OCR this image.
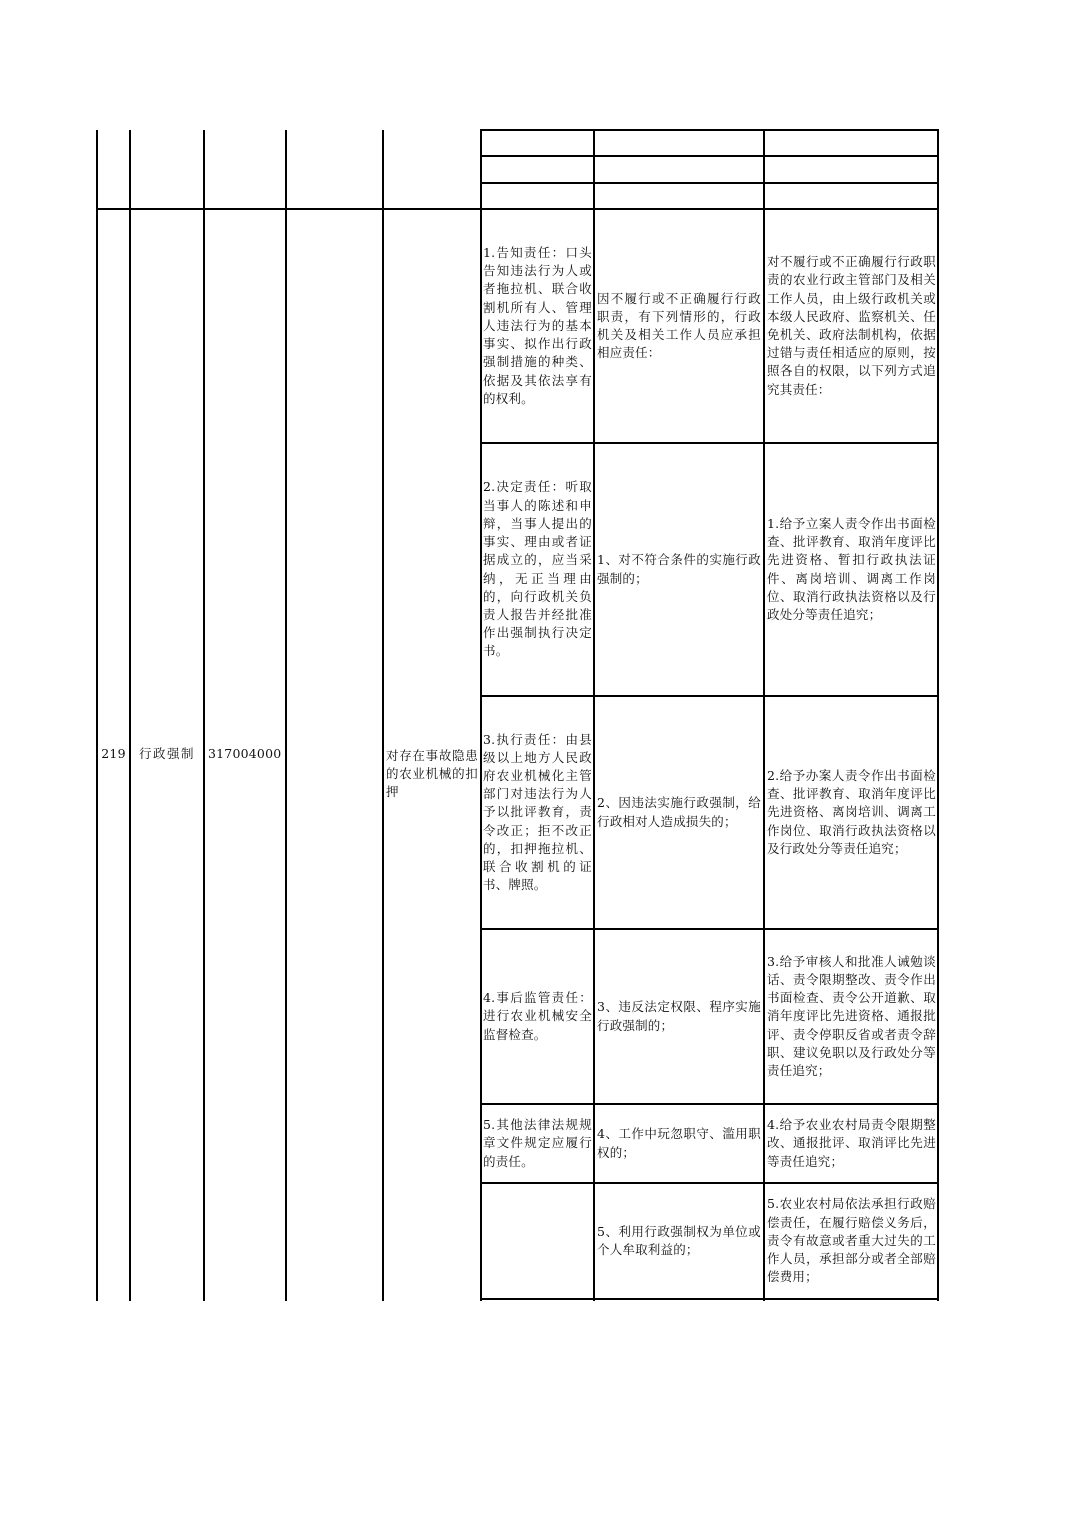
219 行政强制 317004000	对存在事故隐患的农业机械的扣押
1.告知责任：口头告知违法行为人或者拖拉机、联合收割机所有人、管理人违法行为的基本事实、拟作出行政强制措施的种类、依据及其依法享有的权利。
因不履行或不正确履行行政职责，有下列情形的，行政机关及相关工作人员应承担相应责任：
对不履行或不正确履行行政职责的农业行政主管部门及相关工作人员，由上级行政机关或本级人民政府、监察机关、任免机关、政府法制机构，依据过错与责任相适应的原则，按照各自的权限，以下列方式追究其责任：
2.决定责任：听取当事人的陈述和申辩，当事人提出的事实、理由或者证据成立的，应当采纳，无正当理由的，向行政机关负责人报告并经批准作出强制执行决定书。
1、对不符合条件的实施行政强制的；
1.给予立案人责令作出书面检查、批评教育、取消年度评比先进资格、暂扣行政执法证件、离岗培训、调离工作岗位、取消行政执法资格以及行政处分等责任追究；
3.执行责任：由县级以上地方人民政府农业机械化主管部门对违法行为人予以批评教育，责令改正；拒不改正的，扣押拖拉机、联合收割机的证书、牌照。
2、因违法实施行政强制，给行政相对人造成损失的；
2.给予办案人责令作出书面检查、批评教育、取消年度评比先进资格、离岗培训、调离工作岗位、取消行政执法资格以及行政处分等责任追究；
4.事后监管责任：进行农业机械安全监督检查。
3、违反法定权限、程序实施行政强制的；
3.给予审核人和批准人诫勉谈话、责令限期整改、责令作出书面检查、责令公开道歉、取消年度评比先进资格、通报批评、责令停职反省或者责令辞职、建议免职以及行政处分等责任追究；
5.其他法律法规规章文件规定应履行的责任。
4、工作中玩忽职守、滥用职权的；
4.给予农业农村局责令限期整改、通报批评、取消评比先进等责任追究；
5、利用行政强制权为单位或个人牟取利益的；
5.农业农村局依法承担行政赔偿责任，在履行赔偿义务后，责令有故意或者重大过失的工作人员，承担部分或者全部赔偿费用；
